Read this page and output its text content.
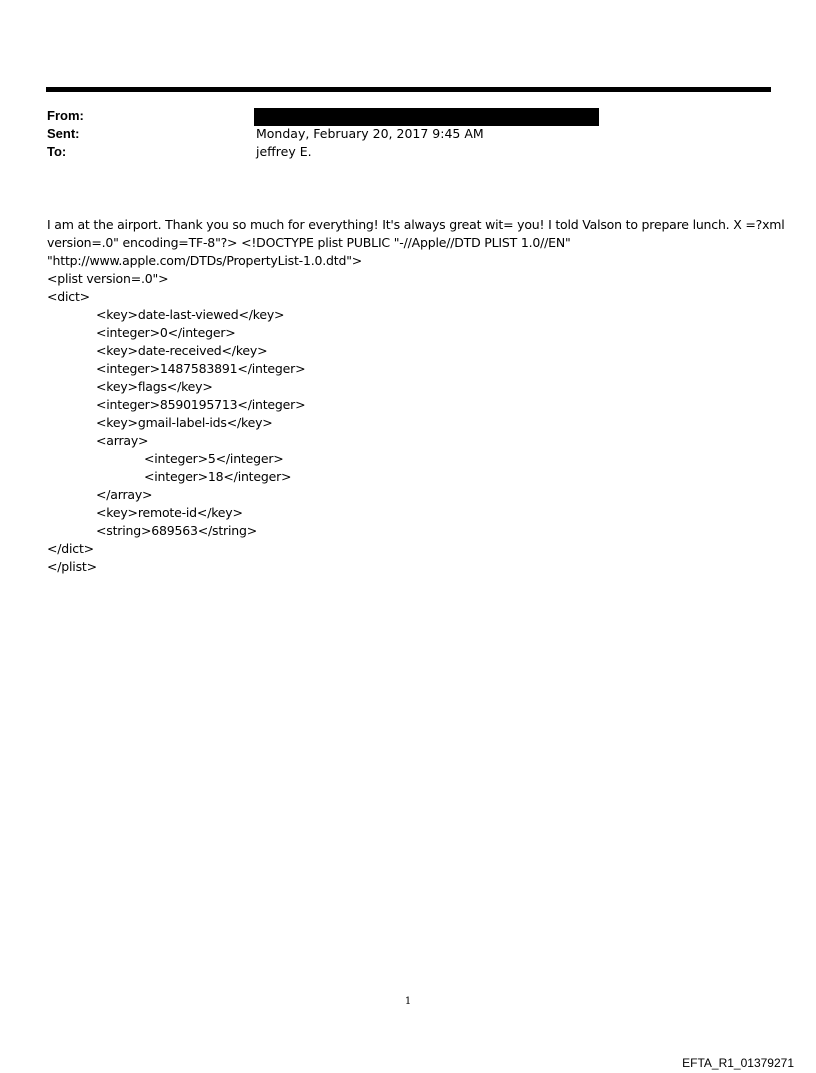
From:
Sent:	Monday, February 20, 2017 9:45 AM
To:	jeffrey E.
I am at the airport. Thank you so much for everything! It's always great wit= you! I told Valson to prepare lunch. X =?xml
version=.0" encoding=TF-8"?> <!DOCTYPE plist PUBLIC "-//Apple//DTD PLIST 1.0//EN"
"http://www.apple.com/DTDs/PropertyList-1.0.dtd">
<plist version=.0">
<dict>
<key>date-last-viewed</key>
<integer>0</integer>
<key>date-received</key>
<integer>1487583891</integer>
<key>flags</key>
<integer>8590195713</integer>
<key>gmail-label-ids</key>
<array>
<integer>5</integer>
<integer>18</integer>
</array>
<key>remote-id</key>
<string>689563</string>
</dict>
</plist>
1
EFTA_R1_01379271
